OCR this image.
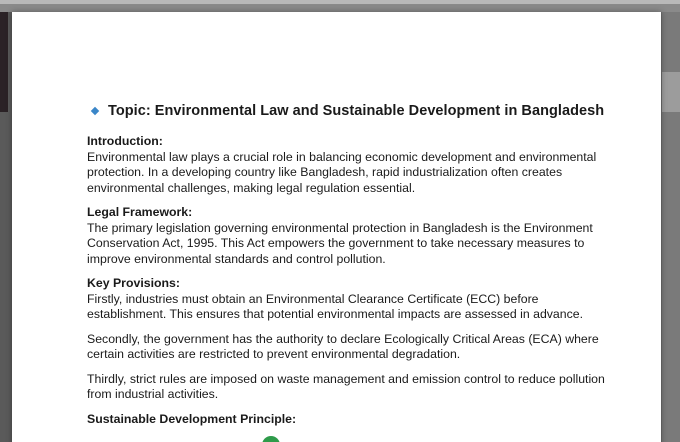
Topic: Environmental Law and Sustainable Development in Bangladesh
Introduction:
Environmental law plays a crucial role in balancing economic development and environmental
protection. In a developing country like Bangladesh, rapid industrialization often creates
environmental challenges, making legal regulation essential.
Legal Framework:
The primary legislation governing environmental protection in Bangladesh is the Environment
Conservation Act, 1995. This Act empowers the government to take necessary measures to
improve environmental standards and control pollution.
Key Provisions:
Firstly, industries must obtain an Environmental Clearance Certificate (ECC) before
establishment. This ensures that potential environmental impacts are assessed in advance.
Secondly, the government has the authority to declare Ecologically Critical Areas (ECA) where
certain activities are restricted to prevent environmental degradation.
Thirdly, strict rules are imposed on waste management and emission control to reduce pollution
from industrial activities.
Sustainable Development Principle:
